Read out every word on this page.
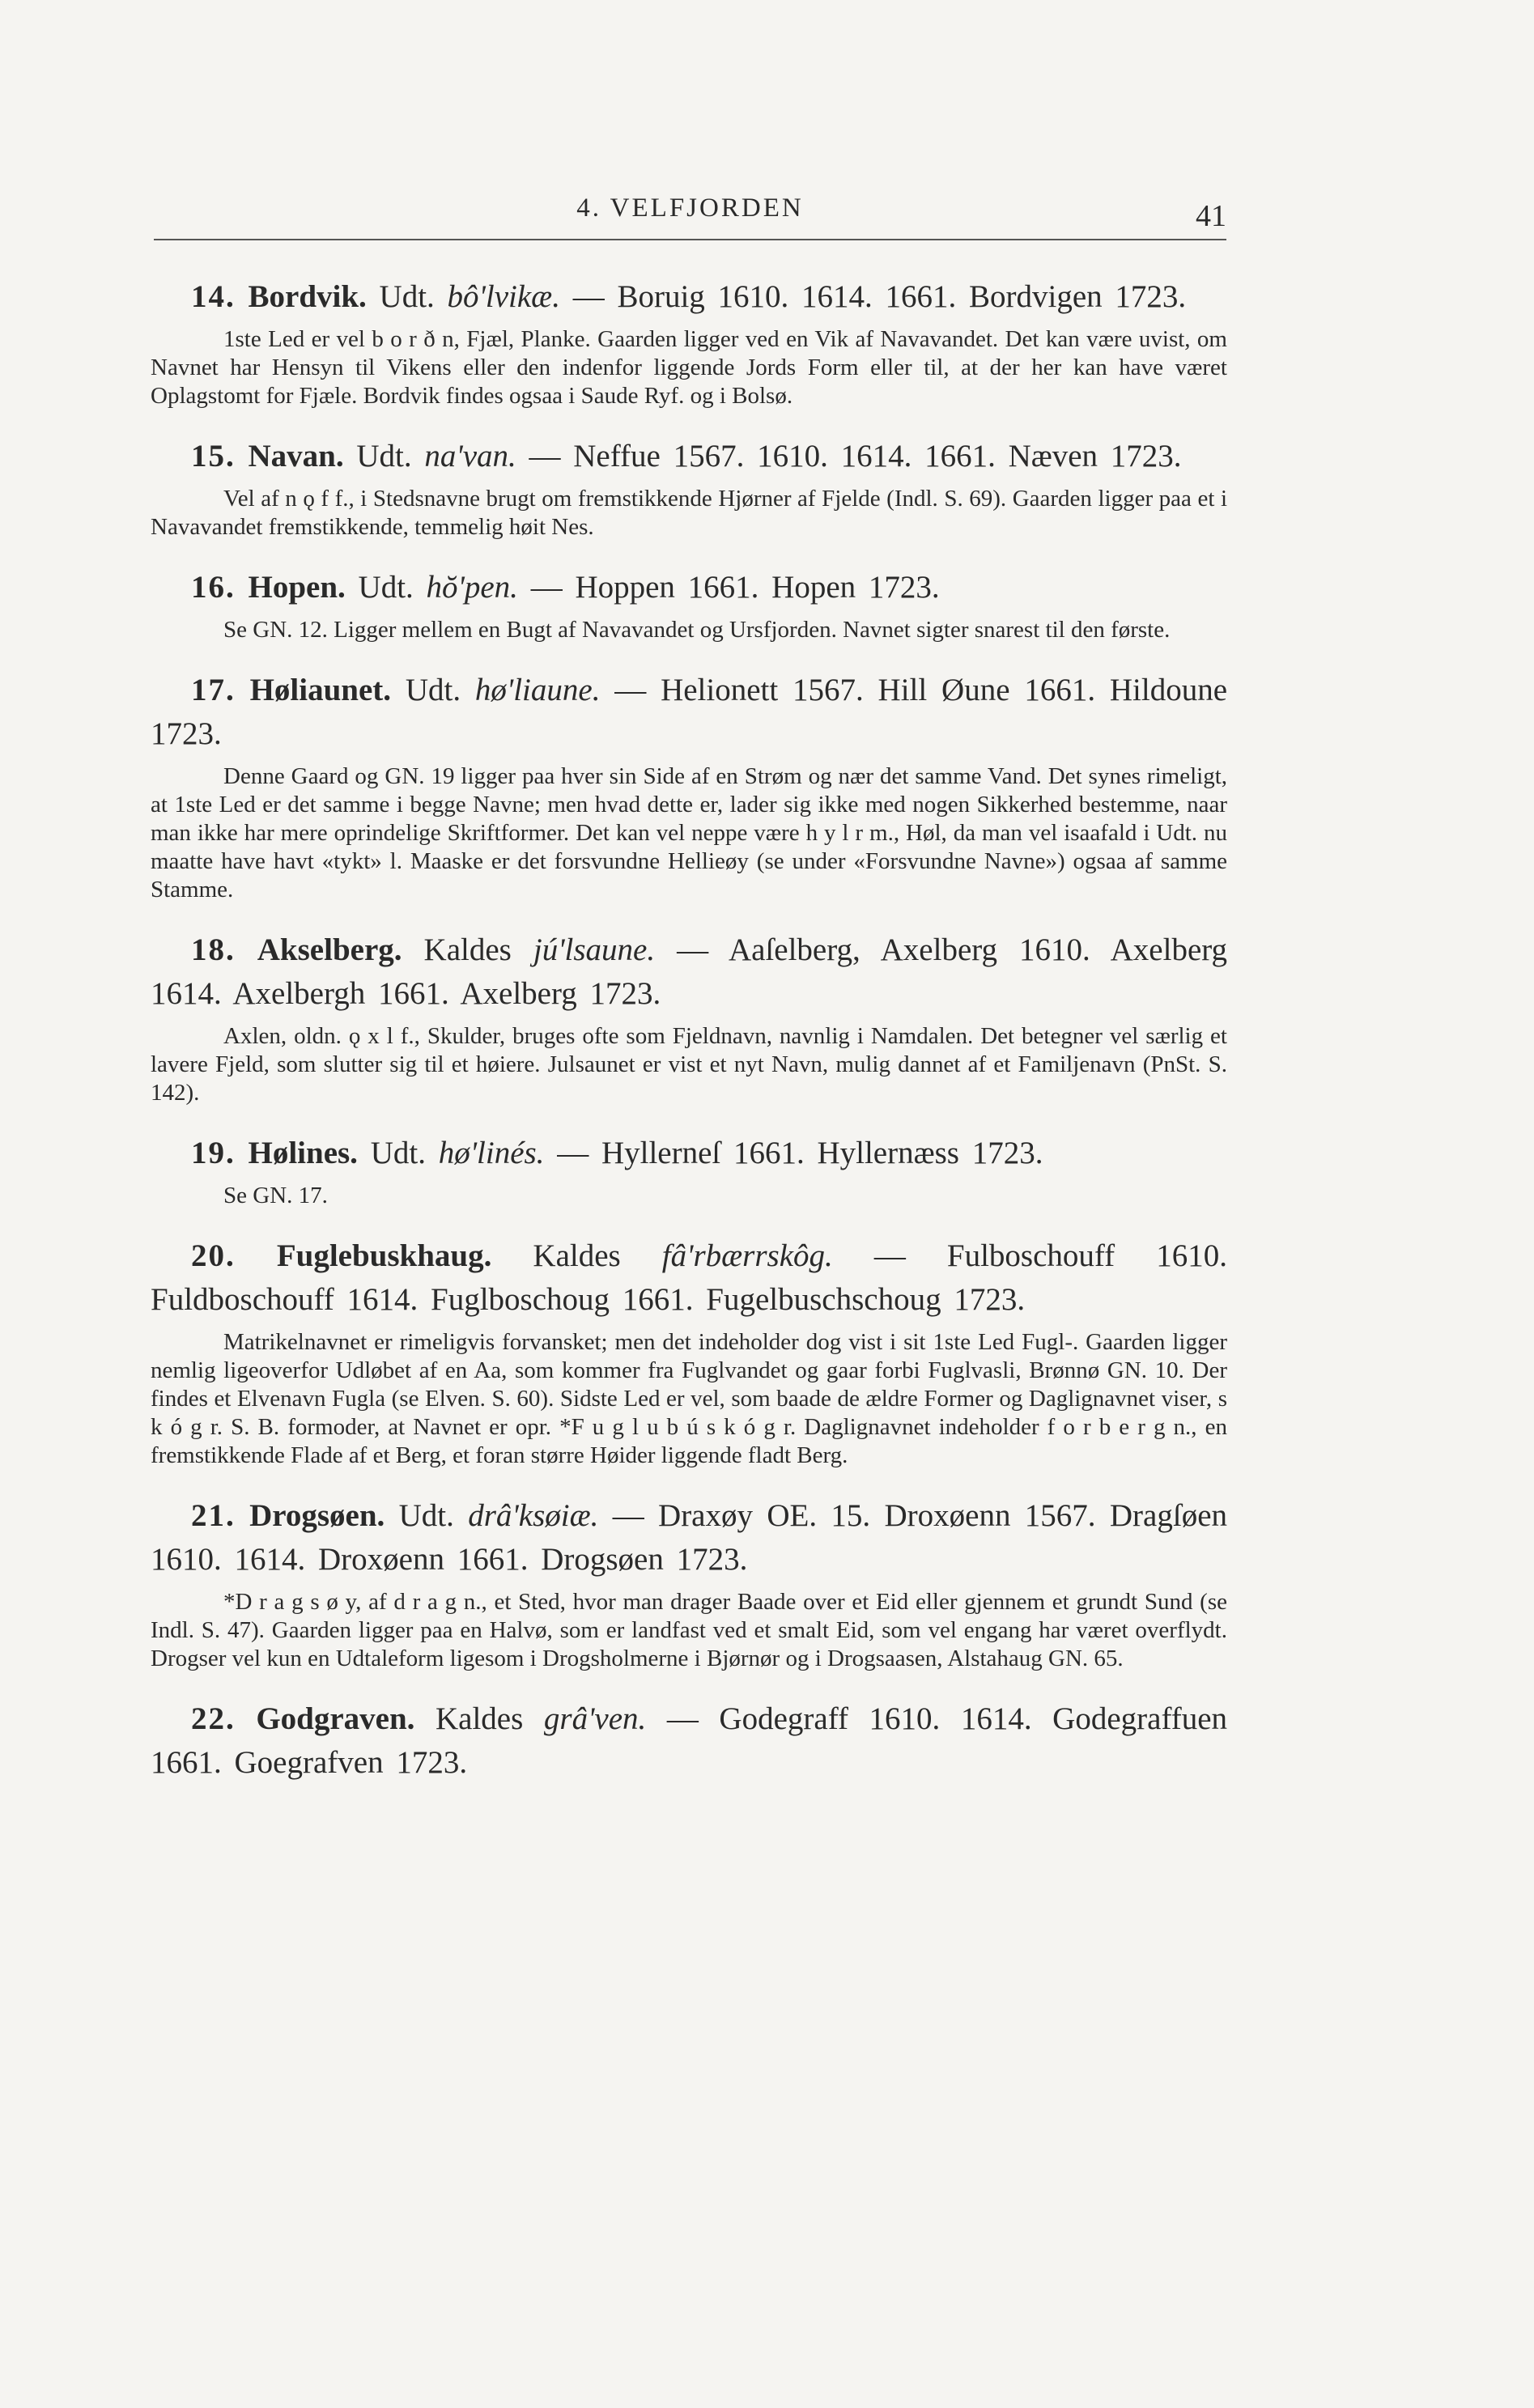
4. VELFJORDEN	41

14. Bordvik. Udt. bô'lvikæ. — Boruig 1610. 1614. 1661. Bordvigen 1723.

1ste Led er vel b o r ð n, Fjæl, Planke. Gaarden ligger ved en Vik af Navavandet. Det kan være uvist, om Navnet har Hensyn til Vikens eller den indenfor liggende Jords Form eller til, at der her kan have været Oplagstomt for Fjæle. Bordvik findes ogsaa i Saude Ryf. og i Bolsø.

15. Navan. Udt. na'van. — Neffue 1567. 1610. 1614. 1661. Næven 1723.

Vel af n ǫ f f., i Stedsnavne brugt om fremstikkende Hjørner af Fjelde (Indl. S. 69). Gaarden ligger paa et i Navavandet fremstikkende, temmelig høit Nes.

16. Hopen. Udt. hŏ'pen. — Hoppen 1661. Hopen 1723.

Se GN. 12. Ligger mellem en Bugt af Navavandet og Ursfjorden. Navnet sigter snarest til den første.

17. Høliaunet. Udt. hø'liaune. — Helionett 1567. Hill Øune 1661. Hildoune 1723.

Denne Gaard og GN. 19 ligger paa hver sin Side af en Strøm og nær det samme Vand. Det synes rimeligt, at 1ste Led er det samme i begge Navne; men hvad dette er, lader sig ikke med nogen Sikkerhed bestemme, naar man ikke har mere oprindelige Skriftformer. Det kan vel neppe være h y l r m., Høl, da man vel isaafald i Udt. nu maatte have havt «tykt» l. Maaske er det forsvundne Hellieøy (se under «Forsvundne Navne») ogsaa af samme Stamme.

18. Akselberg. Kaldes jú'lsaune. — Aaſelberg, Axelberg 1610. Axelberg 1614. Axelbergh 1661. Axelberg 1723.

Axlen, oldn. ǫ x l f., Skulder, bruges ofte som Fjeldnavn, navnlig i Namdalen. Det betegner vel særlig et lavere Fjeld, som slutter sig til et høiere. Julsaunet er vist et nyt Navn, mulig dannet af et Familjenavn (PnSt. S. 142).

19. Hølines. Udt. hø'linés. — Hyllerneſ 1661. Hyllernæss 1723.

Se GN. 17.

20. Fuglebuskhaug. Kaldes fâ'rbærrskôg. — Fulboschouff 1610. Fuldboschouff 1614. Fuglboschoug 1661. Fugelbuschschoug 1723.

Matrikelnavnet er rimeligvis forvansket; men det indeholder dog vist i sit 1ste Led Fugl-. Gaarden ligger nemlig ligeoverfor Udløbet af en Aa, som kommer fra Fuglvandet og gaar forbi Fuglvasli, Brønnø GN. 10. Der findes et Elvenavn Fugla (se Elven. S. 60). Sidste Led er vel, som baade de ældre Former og Daglignavnet viser, s k ó g r. S. B. formoder, at Navnet er opr. *F u g l u b ú s k ó g r. Daglignavnet indeholder f o r b e r g n., en fremstikkende Flade af et Berg, et foran større Høider liggende fladt Berg.

21. Drogsøen. Udt. drâ'ksøiæ. — Draxøy OE. 15. Droxøenn 1567. Dragſøen 1610. 1614. Droxøenn 1661. Drogsøen 1723.

*D r a g s ø y, af d r a g n., et Sted, hvor man drager Baade over et Eid eller gjennem et grundt Sund (se Indl. S. 47). Gaarden ligger paa en Halvø, som er landfast ved et smalt Eid, som vel engang har været overflydt. Drogser vel kun en Udtaleform ligesom i Drogsholmerne i Bjørnør og i Drogsaasen, Alstahaug GN. 65.

22. Godgraven. Kaldes grâ'ven. — Godegraff 1610. 1614. Godegraffuen 1661. Goegrafven 1723.
